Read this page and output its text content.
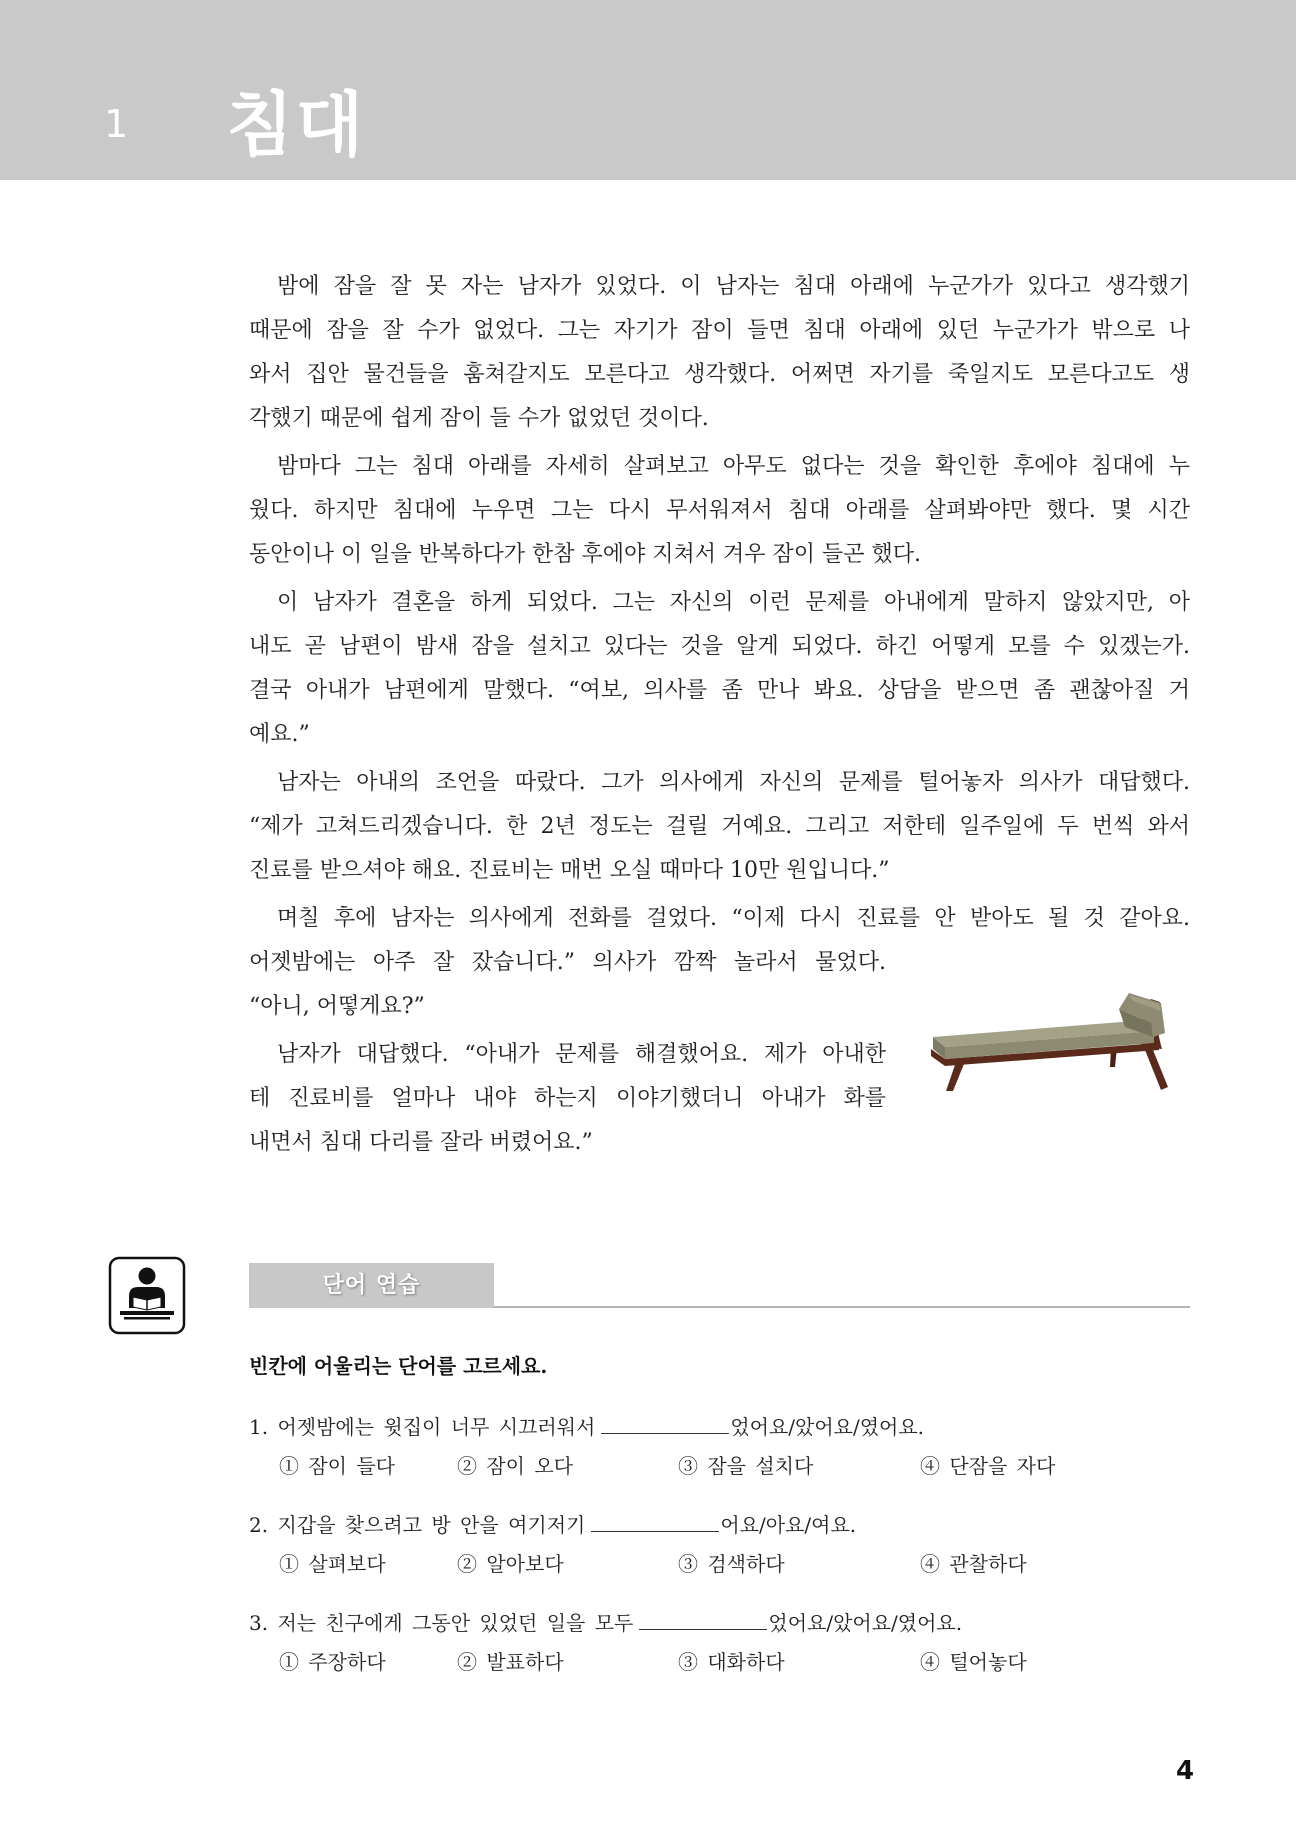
1 침대
밤에 잠을 잘 못 자는 남자가 있었다. 이 남자는 침대 아래에 누군가가 있다고 생각했기
때문에 잠을 잘 수가 없었다. 그는 자기가 잠이 들면 침대 아래에 있던 누군가가 밖으로 나
와서 집안 물건들을 훔쳐갈지도 모른다고 생각했다. 어쩌면 자기를 죽일지도 모른다고도 생
각했기 때문에 쉽게 잠이 들 수가 없었던 것이다.
밤마다 그는 침대 아래를 자세히 살펴보고 아무도 없다는 것을 확인한 후에야 침대에 누
웠다. 하지만 침대에 누우면 그는 다시 무서워져서 침대 아래를 살펴봐야만 했다. 몇 시간
동안이나 이 일을 반복하다가 한참 후에야 지쳐서 겨우 잠이 들곤 했다.
이 남자가 결혼을 하게 되었다. 그는 자신의 이런 문제를 아내에게 말하지 않았지만, 아
내도 곧 남편이 밤새 잠을 설치고 있다는 것을 알게 되었다. 하긴 어떻게 모를 수 있겠는가.
결국 아내가 남편에게 말했다. “여보, 의사를 좀 만나 봐요. 상담을 받으면 좀 괜찮아질 거
예요.”
남자는 아내의 조언을 따랐다. 그가 의사에게 자신의 문제를 털어놓자 의사가 대답했다.
“제가 고쳐드리겠습니다. 한 2년 정도는 걸릴 거예요. 그리고 저한테 일주일에 두 번씩 와서
진료를 받으셔야 해요. 진료비는 매번 오실 때마다 10만 원입니다.”
며칠 후에 남자는 의사에게 전화를 걸었다. “이제 다시 진료를 안 받아도 될 것 같아요.
어젯밤에는 아주 잘 잤습니다.” 의사가 깜짝 놀라서 물었다.
“아니, 어떻게요?”
남자가 대답했다. “아내가 문제를 해결했어요. 제가 아내한
테 진료비를 얼마나 내야 하는지 이야기했더니 아내가 화를
내면서 침대 다리를 잘라 버렸어요.”
단어 연습
빈칸에 어울리는 단어를 고르세요.
1. 어젯밤에는 윗집이 너무 시끄러워서	었어요/았어요/였어요.
① 잠이 들다	② 잠이 오다	③ 잠을 설치다	④ 단잠을 자다
2. 지갑을 찾으려고 방 안을 여기저기	어요/아요/여요.
① 살펴보다	② 알아보다	③ 검색하다	④ 관찰하다
3. 저는 친구에게 그동안 있었던 일을 모두	었어요/았어요/였어요.
① 주장하다	② 발표하다	③ 대화하다	④ 털어놓다
4
